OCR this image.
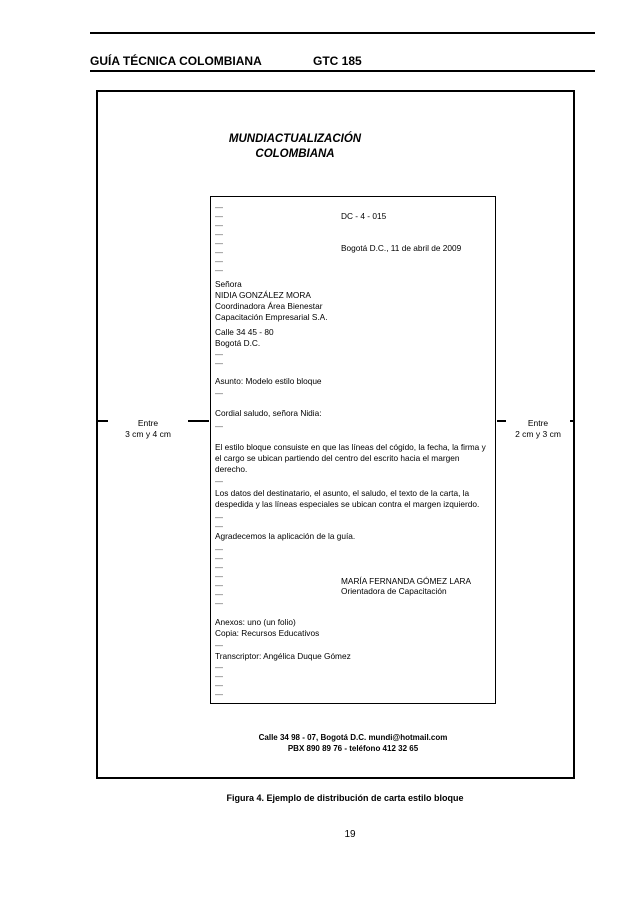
GUÍA TÉCNICA COLOMBIANA	GTC 185
MUNDIACTUALIZACIÓN
COLOMBIANA
—
—
—
—
—
—
—
—
DC - 4 - 015
Bogotá D.C., 11 de abril de 2009
Señora
NIDIA GONZÁLEZ MORA
Coordinadora Área Bienestar
Capacitación Empresarial S.A.
Calle 34 45 - 80
Bogotá D.C.
—
—
Asunto: Modelo estilo bloque
—
Cordial saludo, señora Nidia:
—
El estilo bloque consuiste en que las líneas del cógido, la fecha, la firma y el cargo se ubican partiendo del centro del escrito hacia el margen derecho.
—
Los datos del destinatario, el asunto, el saludo, el texto de la carta, la despedida y las líneas especiales se ubican contra el margen izquierdo.
—
—
Agradecemos la aplicación de la guía.
—
—
—
—
—
—
MARÍA FERNANDA GÓMEZ LARA
Orientadora de Capacitación
—
Anexos: uno (un folio)
Copia: Recursos Educativos
—
Transcriptor: Angélica Duque Gómez
—
—
—
—
Entre
3 cm y 4 cm
Entre
2 cm y 3 cm
Calle 34 98 - 07, Bogotá D.C. mundi@hotmail.com
PBX 890 89 76 - teléfono 412 32 65
Figura 4. Ejemplo de distribución de carta estilo bloque
19
